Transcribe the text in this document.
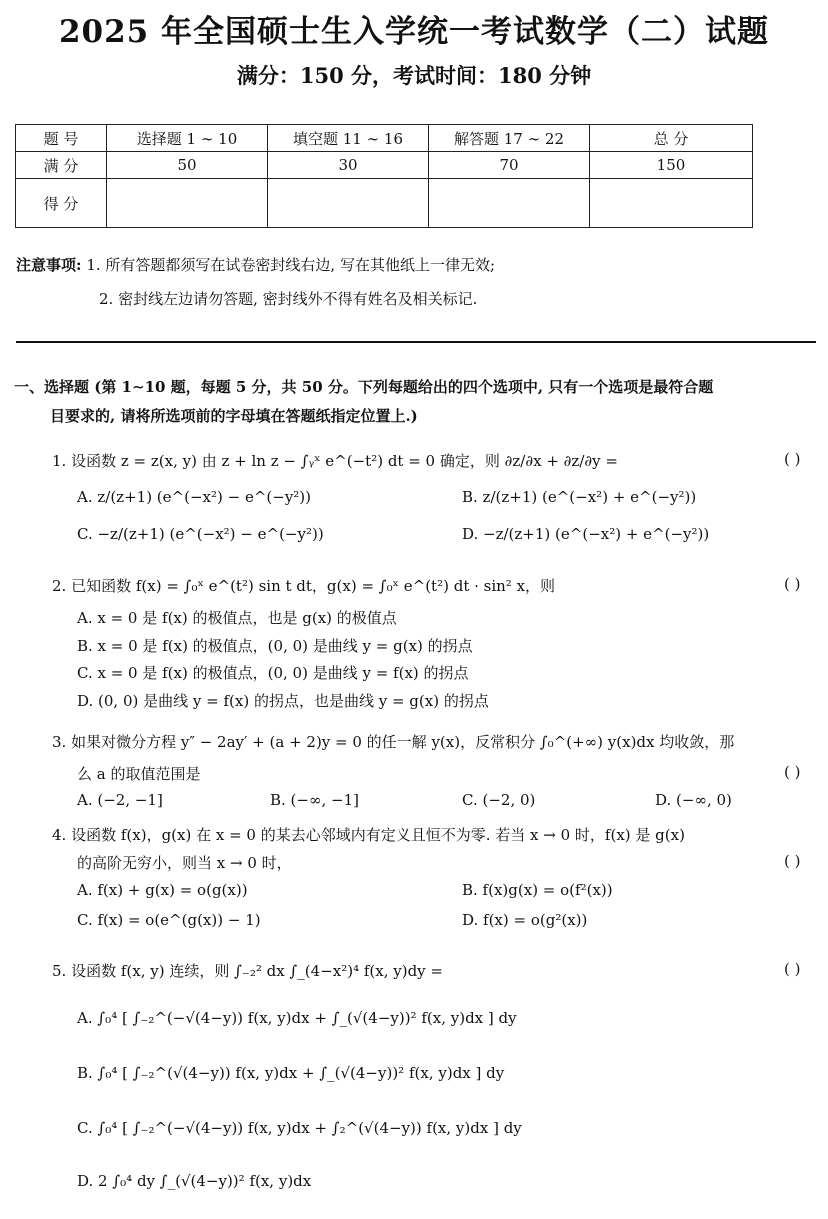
2025 年全国硕士生入学统一考试数学（二）试题
满分：150 分，考试时间：180 分钟
题 号	选择题 1 ∼ 10	填空题 11 ∼ 16	解答题 17 ∼ 22	总 分
满 分	50	30	70	150
得 分				
注意事项: 1. 所有答题都须写在试卷密封线右边, 写在其他纸上一律无效;
2. 密封线左边请勿答题, 密封线外不得有姓名及相关标记.
一、选择题 (第 1∼10 题，每题 5 分，共 50 分。下列每题给出的四个选项中, 只有一个选项是最符合题
目要求的, 请将所选项前的字母填在答题纸指定位置上.)
1. 设函数 z = z(x, y) 由 z + ln z − ∫ᵧˣ e^(−t²) dt = 0 确定，则 ∂z/∂x + ∂z/∂y =	( )
A. z/(z+1) (e^(−x²) − e^(−y²))	B. z/(z+1) (e^(−x²) + e^(−y²))
C. −z/(z+1) (e^(−x²) − e^(−y²))	D. −z/(z+1) (e^(−x²) + e^(−y²))
2. 已知函数 f(x) = ∫₀ˣ e^(t²) sin t dt，g(x) = ∫₀ˣ e^(t²) dt · sin² x，则	( )
A. x = 0 是 f(x) 的极值点，也是 g(x) 的极值点
B. x = 0 是 f(x) 的极值点，(0, 0) 是曲线 y = g(x) 的拐点
C. x = 0 是 f(x) 的极值点，(0, 0) 是曲线 y = f(x) 的拐点
D. (0, 0) 是曲线 y = f(x) 的拐点，也是曲线 y = g(x) 的拐点
3. 如果对微分方程 y″ − 2ay′ + (a + 2)y = 0 的任一解 y(x)，反常积分 ∫₀^(+∞) y(x)dx 均收敛，那
么 a 的取值范围是	( )
A. (−2, −1]	B. (−∞, −1]	C. (−2, 0)	D. (−∞, 0)
4. 设函数 f(x)，g(x) 在 x = 0 的某去心邻域内有定义且恒不为零. 若当 x → 0 时，f(x) 是 g(x)
的高阶无穷小，则当 x → 0 时，	( )
A. f(x) + g(x) = o(g(x))	B. f(x)g(x) = o(f²(x))
C. f(x) = o(e^(g(x)) − 1)	D. f(x) = o(g²(x))
5. 设函数 f(x, y) 连续，则 ∫₋₂² dx ∫_(4−x²)⁴ f(x, y)dy =	( )
A. ∫₀⁴ [ ∫₋₂^(−√(4−y)) f(x, y)dx + ∫_(√(4−y))² f(x, y)dx ] dy
B. ∫₀⁴ [ ∫₋₂^(√(4−y)) f(x, y)dx + ∫_(√(4−y))² f(x, y)dx ] dy
C. ∫₀⁴ [ ∫₋₂^(−√(4−y)) f(x, y)dx + ∫₂^(√(4−y)) f(x, y)dx ] dy
D. 2 ∫₀⁴ dy ∫_(√(4−y))² f(x, y)dx
